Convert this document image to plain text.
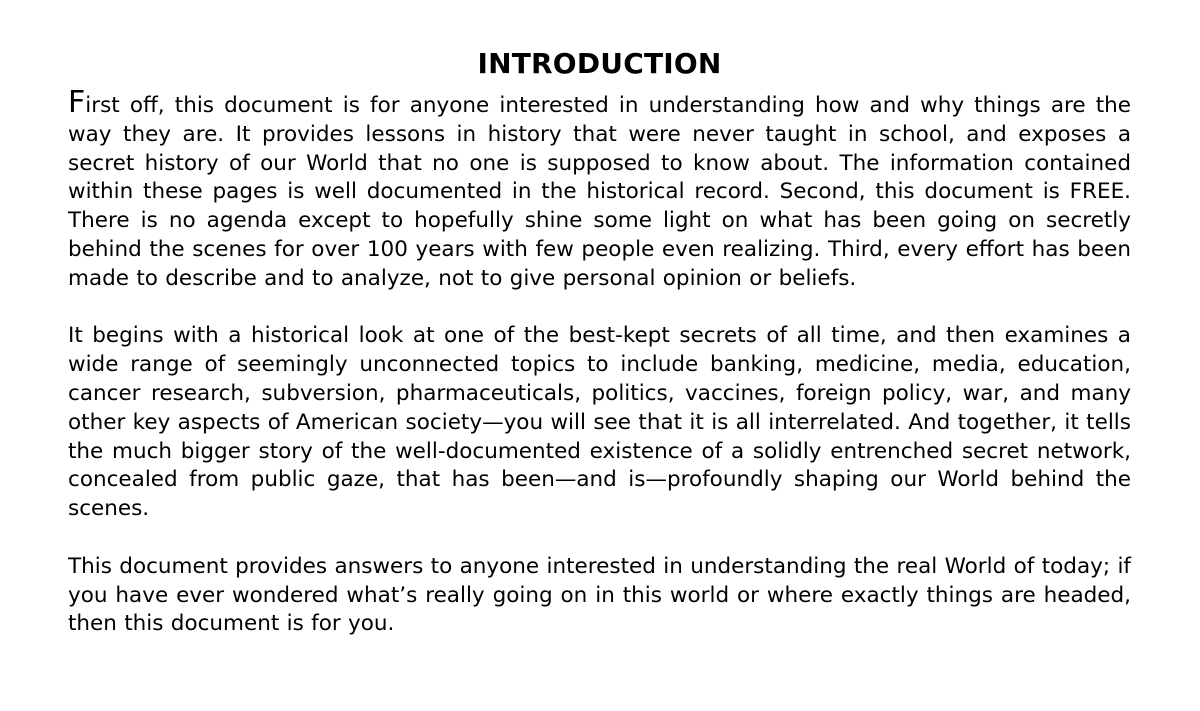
INTRODUCTION

First off, this document is for anyone interested in understanding how and why things are the way they are. It provides lessons in history that were never taught in school, and exposes a secret history of our World that no one is supposed to know about. The information contained within these pages is well documented in the historical record. Second, this document is FREE. There is no agenda except to hopefully shine some light on what has been going on secretly behind the scenes for over 100 years with few people even realizing. Third, every effort has been made to describe and to analyze, not to give personal opinion or beliefs.

It begins with a historical look at one of the best-kept secrets of all time, and then examines a wide range of seemingly unconnected topics to include banking, medicine, media, education, cancer research, subversion, pharmaceuticals, politics, vaccines, foreign policy, war, and many other key aspects of American society—you will see that it is all interrelated. And together, it tells the much bigger story of the well-documented existence of a solidly entrenched secret network, concealed from public gaze, that has been—and is—profoundly shaping our World behind the scenes.

This document provides answers to anyone interested in understanding the real World of today; if you have ever wondered what’s really going on in this world or where exactly things are headed, then this document is for you.
